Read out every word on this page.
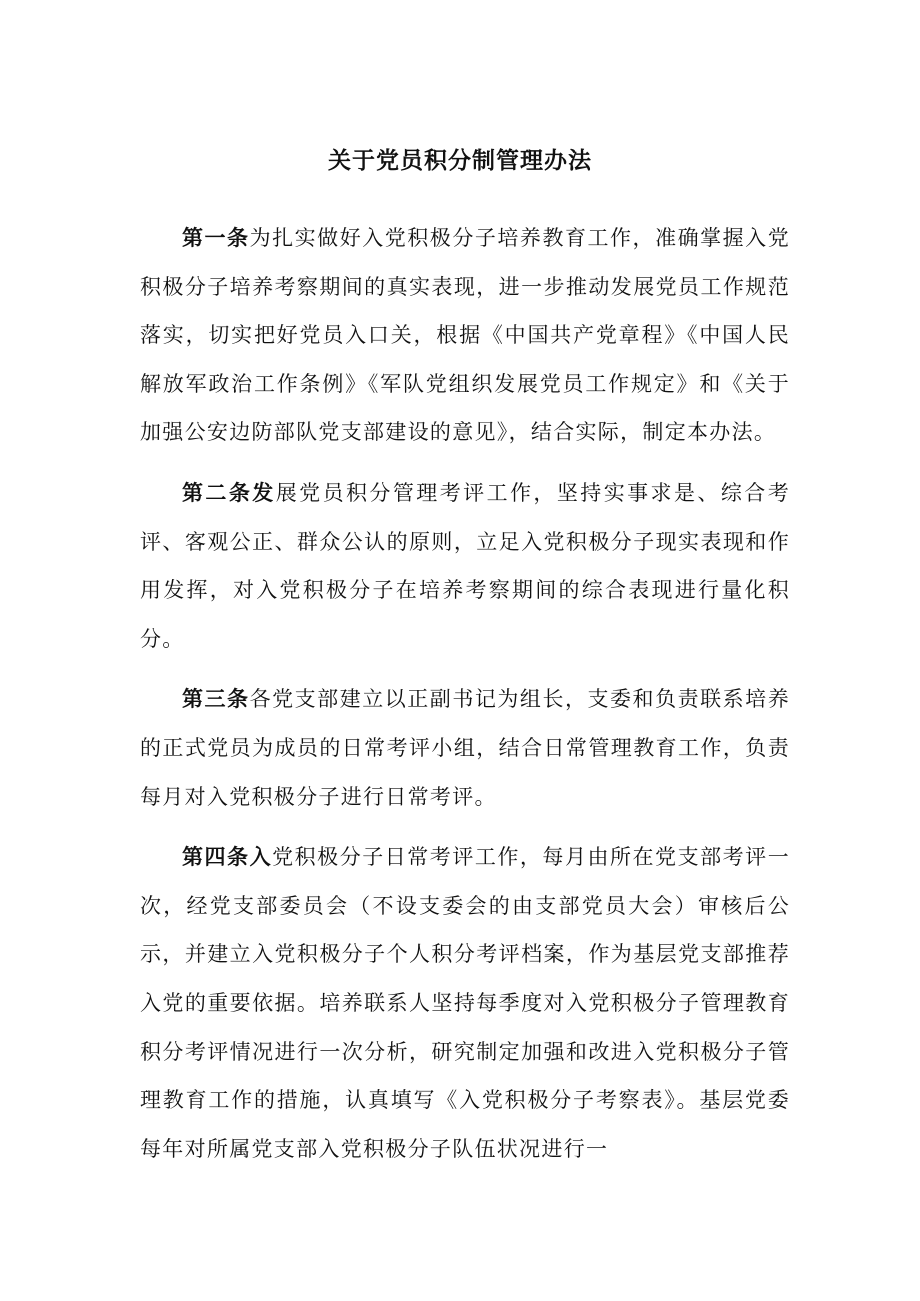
关于党员积分制管理办法

第一条为扎实做好入党积极分子培养教育工作，准确掌握入党积极分子培养考察期间的真实表现，进一步推动发展党员工作规范落实，切实把好党员入口关，根据《中国共产党章程》《中国人民解放军政治工作条例》《军队党组织发展党员工作规定》和《关于加强公安边防部队党支部建设的意见》，结合实际，制定本办法。

第二条发展党员积分管理考评工作，坚持实事求是、综合考评、客观公正、群众公认的原则，立足入党积极分子现实表现和作用发挥，对入党积极分子在培养考察期间的综合表现进行量化积分。

第三条各党支部建立以正副书记为组长，支委和负责联系培养的正式党员为成员的日常考评小组，结合日常管理教育工作，负责每月对入党积极分子进行日常考评。

第四条入党积极分子日常考评工作，每月由所在党支部考评一次，经党支部委员会（不设支委会的由支部党员大会）审核后公示，并建立入党积极分子个人积分考评档案，作为基层党支部推荐入党的重要依据。培养联系人坚持每季度对入党积极分子管理教育积分考评情况进行一次分析，研究制定加强和改进入党积极分子管理教育工作的措施，认真填写《入党积极分子考察表》。基层党委每年对所属党支部入党积极分子队伍状况进行一
